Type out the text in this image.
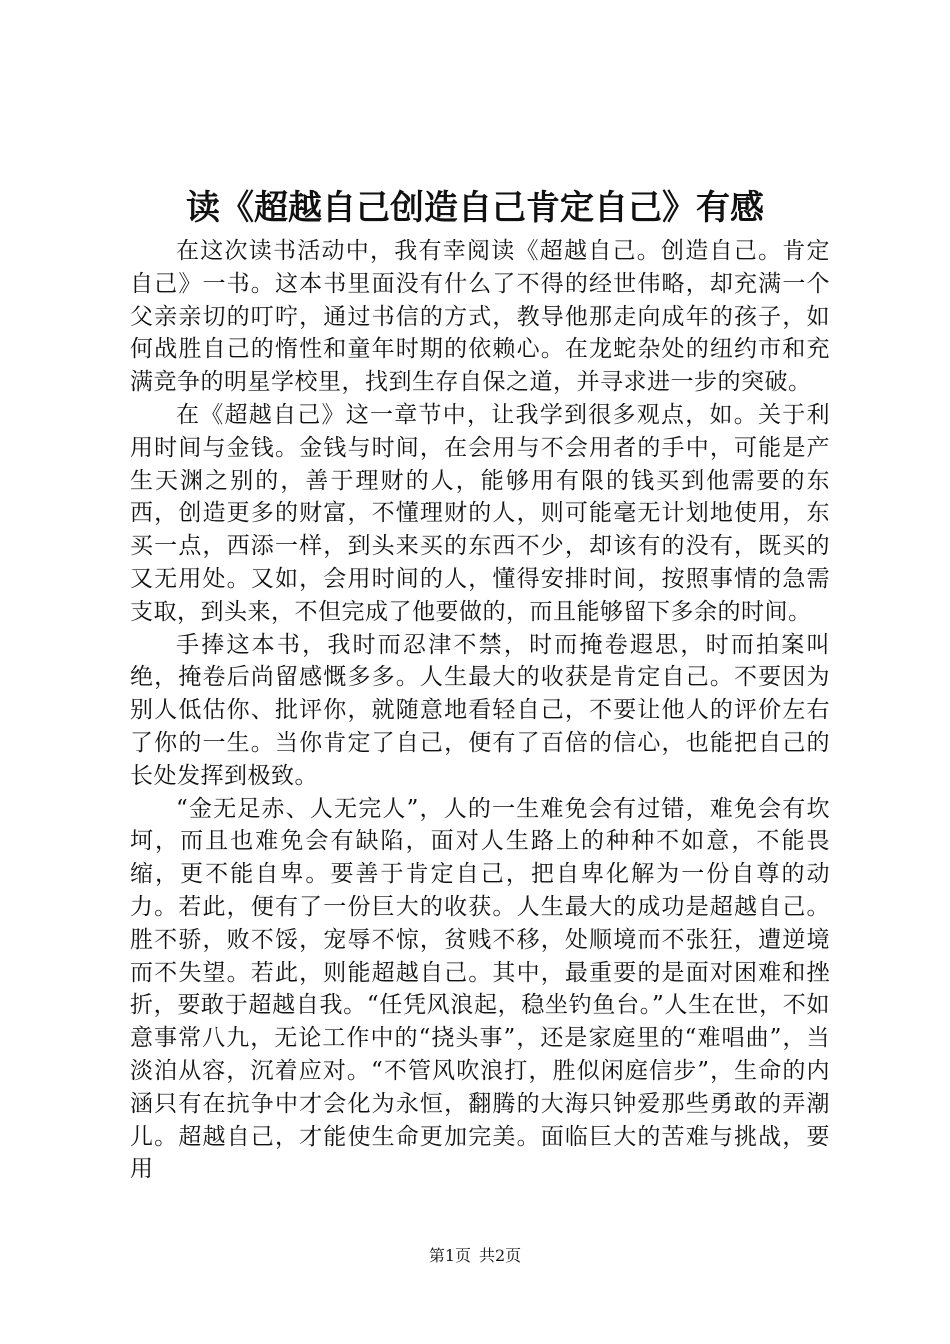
读《超越自己创造自己肯定自己》有感

在这次读书活动中，我有幸阅读《超越自己。创造自己。肯定自己》一书。这本书里面没有什么了不得的经世伟略，却充满一个父亲亲切的叮咛，通过书信的方式，教导他那走向成年的孩子，如何战胜自己的惰性和童年时期的依赖心。在龙蛇杂处的纽约市和充满竞争的明星学校里，找到生存自保之道，并寻求进一步的突破。

在《超越自己》这一章节中，让我学到很多观点，如。关于利用时间与金钱。金钱与时间，在会用与不会用者的手中，可能是产生天渊之别的，善于理财的人，能够用有限的钱买到他需要的东西，创造更多的财富，不懂理财的人，则可能毫无计划地使用，东买一点，西添一样，到头来买的东西不少，却该有的没有，既买的又无用处。又如，会用时间的人，懂得安排时间，按照事情的急需支取，到头来，不但完成了他要做的，而且能够留下多余的时间。

手捧这本书，我时而忍津不禁，时而掩卷遐思，时而拍案叫绝，掩卷后尚留感慨多多。人生最大的收获是肯定自己。不要因为别人低估你、批评你，就随意地看轻自己，不要让他人的评价左右了你的一生。当你肯定了自己，便有了百倍的信心，也能把自己的长处发挥到极致。

“金无足赤、人无完人”，人的一生难免会有过错，难免会有坎坷，而且也难免会有缺陷，面对人生路上的种种不如意，不能畏缩，更不能自卑。要善于肯定自己，把自卑化解为一份自尊的动力。若此，便有了一份巨大的收获。人生最大的成功是超越自己。胜不骄，败不馁，宠辱不惊，贫贱不移，处顺境而不张狂，遭逆境而不失望。若此，则能超越自己。其中，最重要的是面对困难和挫折，要敢于超越自我。“任凭风浪起，稳坐钓鱼台。”人生在世，不如意事常八九，无论工作中的“挠头事”，还是家庭里的“难唱曲”，当淡泊从容，沉着应对。“不管风吹浪打，胜似闲庭信步”，生命的内涵只有在抗争中才会化为永恒，翻腾的大海只钟爱那些勇敢的弄潮儿。超越自己，才能使生命更加完美。面临巨大的苦难与挑战，要用

第1页 共2页
